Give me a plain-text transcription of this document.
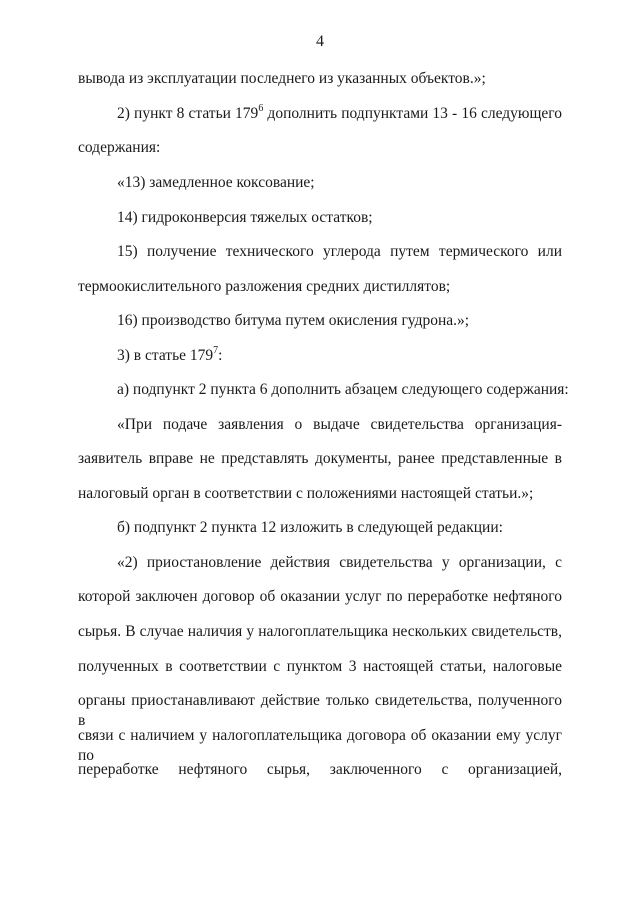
4
вывода из эксплуатации последнего из указанных объектов.»;
2) пункт 8 статьи $179^6$ дополнить подпунктами 13 - 16 следующего
содержания:
«13) замедленное коксование;
14) гидроконверсия тяжелых остатков;
15) получение технического углерода путем термического или
термоокислительного разложения средних дистиллятов;
16) производство битума путем окисления гудрона.»;
3) в статье $179^7$:
а) подпункт 2 пункта 6 дополнить абзацем следующего содержания:
«При подаче заявления о выдаче свидетельства организация-
заявитель вправе не представлять документы, ранее представленные в
налоговый орган в соответствии с положениями настоящей статьи.»;
б) подпункт 2 пункта 12 изложить в следующей редакции:
«2) приостановление действия свидетельства у организации, с
которой заключен договор об оказании услуг по переработке нефтяного
сырья. В случае наличия у налогоплательщика нескольких свидетельств,
полученных в соответствии с пунктом 3 настоящей статьи, налоговые
органы приостанавливают действие только свидетельства, полученного в
связи с наличием у налогоплательщика договора об оказании ему услуг по
переработке нефтяного сырья, заключенного с организацией,
